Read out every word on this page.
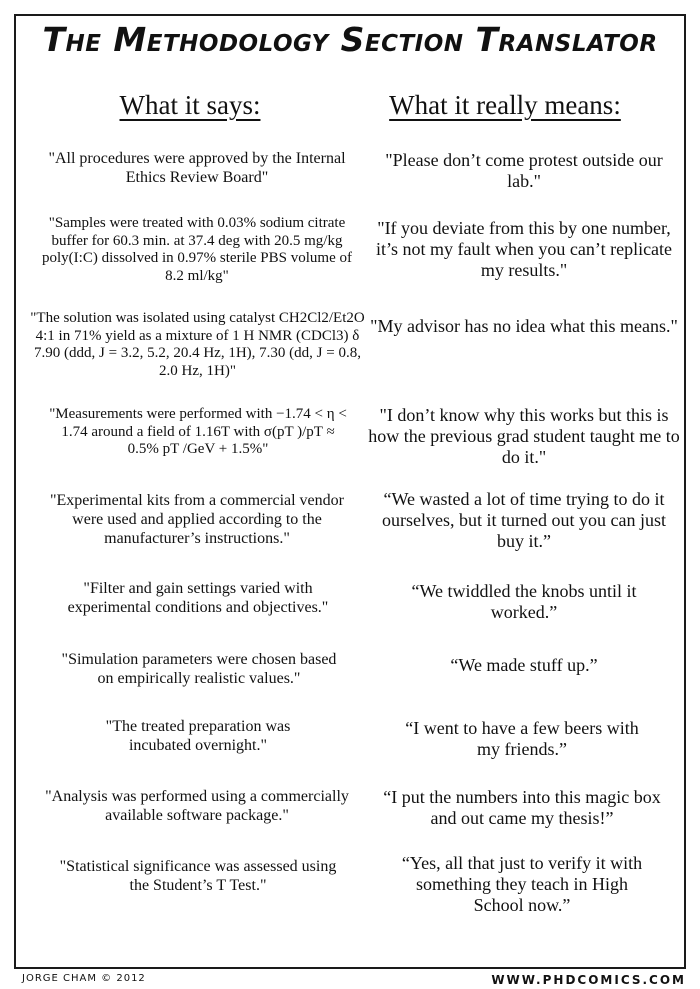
The Methodology Section Translator
What it says:	What it really means:
"All procedures were approved by the Internal Ethics Review Board"
"Please don’t come protest outside our lab."
"Samples were treated with 0.03% sodium citrate buffer for 60.3 min. at 37.4 deg with 20.5 mg/kg poly(I:C) dissolved in 0.97% sterile PBS volume of 8.2 ml/kg"
"If you deviate from this by one number, it’s not my fault when you can’t replicate my results."
"The solution was isolated using catalyst CH2Cl2/Et2O 4:1 in 71% yield as a mixture of 1 H NMR (CDCl3) δ 7.90 (ddd, J = 3.2, 5.2, 20.4 Hz, 1H), 7.30 (dd, J = 0.8, 2.0 Hz, 1H)"
"My advisor has no idea what this means."
"Measurements were performed with −1.74 < η < 1.74 around a field of 1.16T with σ(pT )/pT ≈ 0.5% pT /GeV + 1.5%"
"I don’t know why this works but this is how the previous grad student taught me to do it."
"Experimental kits from a commercial vendor were used and applied according to the manufacturer’s instructions."
“We wasted a lot of time trying to do it ourselves, but it turned out you can just buy it.”
"Filter and gain settings varied with experimental conditions and objectives."
“We twiddled the knobs until it worked.”
"Simulation parameters were chosen based on empirically realistic values."
“We made stuff up.”
"The treated preparation was incubated overnight."
“I went to have a few beers with my friends.”
"Analysis was performed using a commercially available software package."
“I put the numbers into this magic box and out came my thesis!”
"Statistical significance was assessed using the Student’s T Test."
“Yes, all that just to verify it with something they teach in High School now.”
JORGE CHAM © 2012	WWW.PHDCOMICS.COM
